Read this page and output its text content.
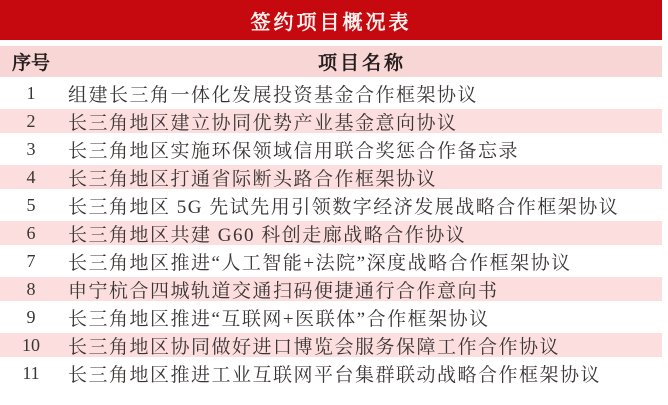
签约项目概况表
序号	项目名称
1	组建长三角一体化发展投资基金合作框架协议
2	长三角地区建立协同优势产业基金意向协议
3	长三角地区实施环保领域信用联合奖惩合作备忘录
4	长三角地区打通省际断头路合作框架协议
5	长三角地区 5G 先试先用引领数字经济发展战略合作框架协议
6	长三角地区共建 G60 科创走廊战略合作协议
7	长三角地区推进“人工智能+法院”深度战略合作框架协议
8	申宁杭合四城轨道交通扫码便捷通行合作意向书
9	长三角地区推进“互联网+医联体”合作框架协议
10	长三角地区协同做好进口博览会服务保障工作合作协议
11	长三角地区推进工业互联网平台集群联动战略合作框架协议
